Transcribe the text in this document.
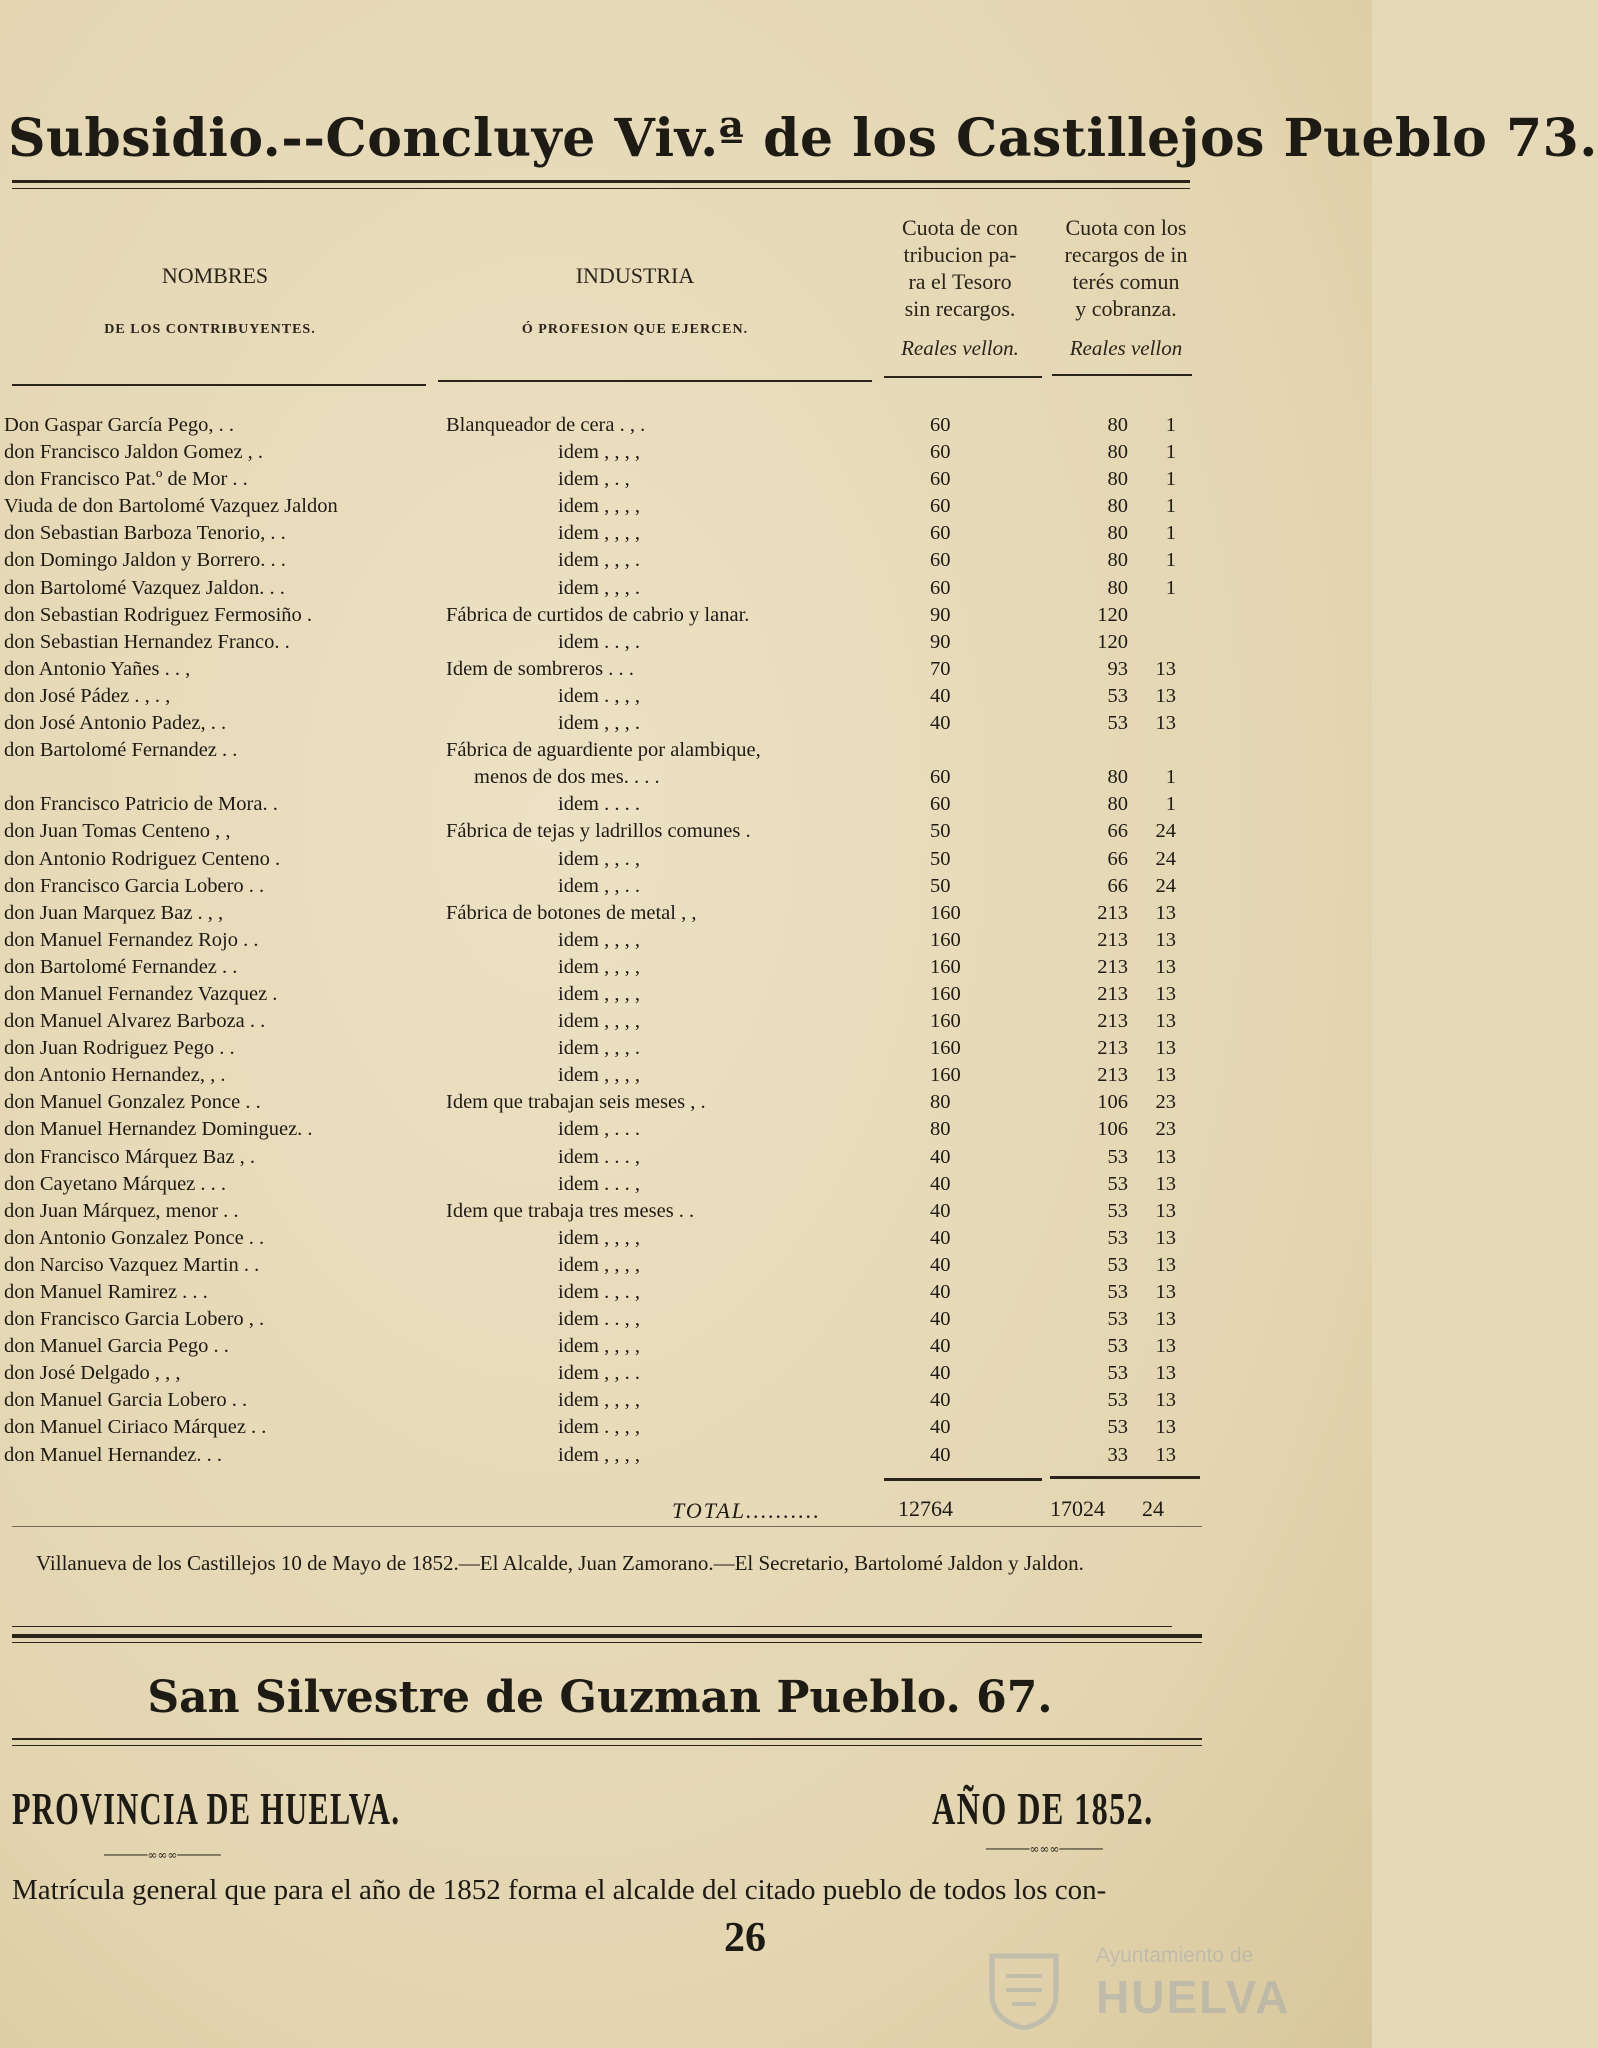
Subsidio.--Concluye Viv.ª de los Castillejos Pueblo 73.
NOMBRES
DE LOS CONTRIBUYENTES.
INDUSTRIA
Ó PROFESION QUE EJERCEN.
Cuota de con
tribucion pa-
ra el Tesoro
sin recargos.
Reales vellon.
Cuota con los
recargos de in
terés comun
y cobranza.
Reales vellon
Don Gaspar García Pego, . .	Blanqueador de cera . , .	60	80	1
don Francisco Jaldon Gomez , .	idem , , , ,	60	80	1
don Francisco Pat.º de Mor . .	idem , . ,	60	80	1
Viuda de don Bartolomé Vazquez Jaldon	idem , , , ,	60	80	1
don Sebastian Barboza Tenorio, . .	idem , , , ,	60	80	1
don Domingo Jaldon y Borrero. . .	idem , , , .	60	80	1
don Bartolomé Vazquez Jaldon. . .	idem , , , .	60	80	1
don Sebastian Rodriguez Fermosiño .	Fábrica de curtidos de cabrio y lanar.	90	120
don Sebastian Hernandez Franco. .	idem . . , .	90	120
don Antonio Yañes . . ,	Idem de sombreros . . .	70	93	13
don José Pádez . , . ,	idem . , , ,	40	53	13
don José Antonio Padez, . .	idem , , , .	40	53	13
don Bartolomé Fernandez . .	Fábrica de aguardiente por alambique,
menos de dos mes. . . .	60	80	1
don Francisco Patricio de Mora. .	idem . . . .	60	80	1
don Juan Tomas Centeno , ,	Fábrica de tejas y ladrillos comunes .	50	66	24
don Antonio Rodriguez Centeno .	idem , , . ,	50	66	24
don Francisco Garcia Lobero . .	idem , , . .	50	66	24
don Juan Marquez Baz . , ,	Fábrica de botones de metal , ,	160	213	13
don Manuel Fernandez Rojo . .	idem , , , ,	160	213	13
don Bartolomé Fernandez . .	idem , , , ,	160	213	13
don Manuel Fernandez Vazquez .	idem , , , ,	160	213	13
don Manuel Alvarez Barboza . .	idem , , , ,	160	213	13
don Juan Rodriguez Pego . .	idem , , , .	160	213	13
don Antonio Hernandez, , .	idem , , , ,	160	213	13
don Manuel Gonzalez Ponce . .	Idem que trabajan seis meses , .	80	106	23
don Manuel Hernandez Dominguez. .	idem , . . .	80	106	23
don Francisco Márquez Baz , .	idem . . . ,	40	53	13
don Cayetano Márquez . . .	idem . . . ,	40	53	13
don Juan Márquez, menor . .	Idem que trabaja tres meses . .	40	53	13
don Antonio Gonzalez Ponce . .	idem , , , ,	40	53	13
don Narciso Vazquez Martin . .	idem , , , ,	40	53	13
don Manuel Ramirez . . .	idem . , . ,	40	53	13
don Francisco Garcia Lobero , .	idem . . , ,	40	53	13
don Manuel Garcia Pego . .	idem , , , ,	40	53	13
don José Delgado , , ,	idem , , . .	40	53	13
don Manuel Garcia Lobero . .	idem , , , ,	40	53	13
don Manuel Ciriaco Márquez . .	idem . , , ,	40	53	13
don Manuel Hernandez. . .	idem , , , ,	40	33	13
TOTAL..........	12764	17024 24
Villanueva de los Castillejos 10 de Mayo de 1852.—El Alcalde, Juan Zamorano.—El Secretario, Bartolomé Jaldon y Jaldon.
San Silvestre de Guzman Pueblo. 67.
PROVINCIA DE HUELVA.	AÑO DE 1852.
──────∞∞∞──────	──────∞∞∞──────
Matrícula general que para el año de 1852 forma el alcalde del citado pueblo de todos los con-
26	Ayuntamiento de
HUELVA
